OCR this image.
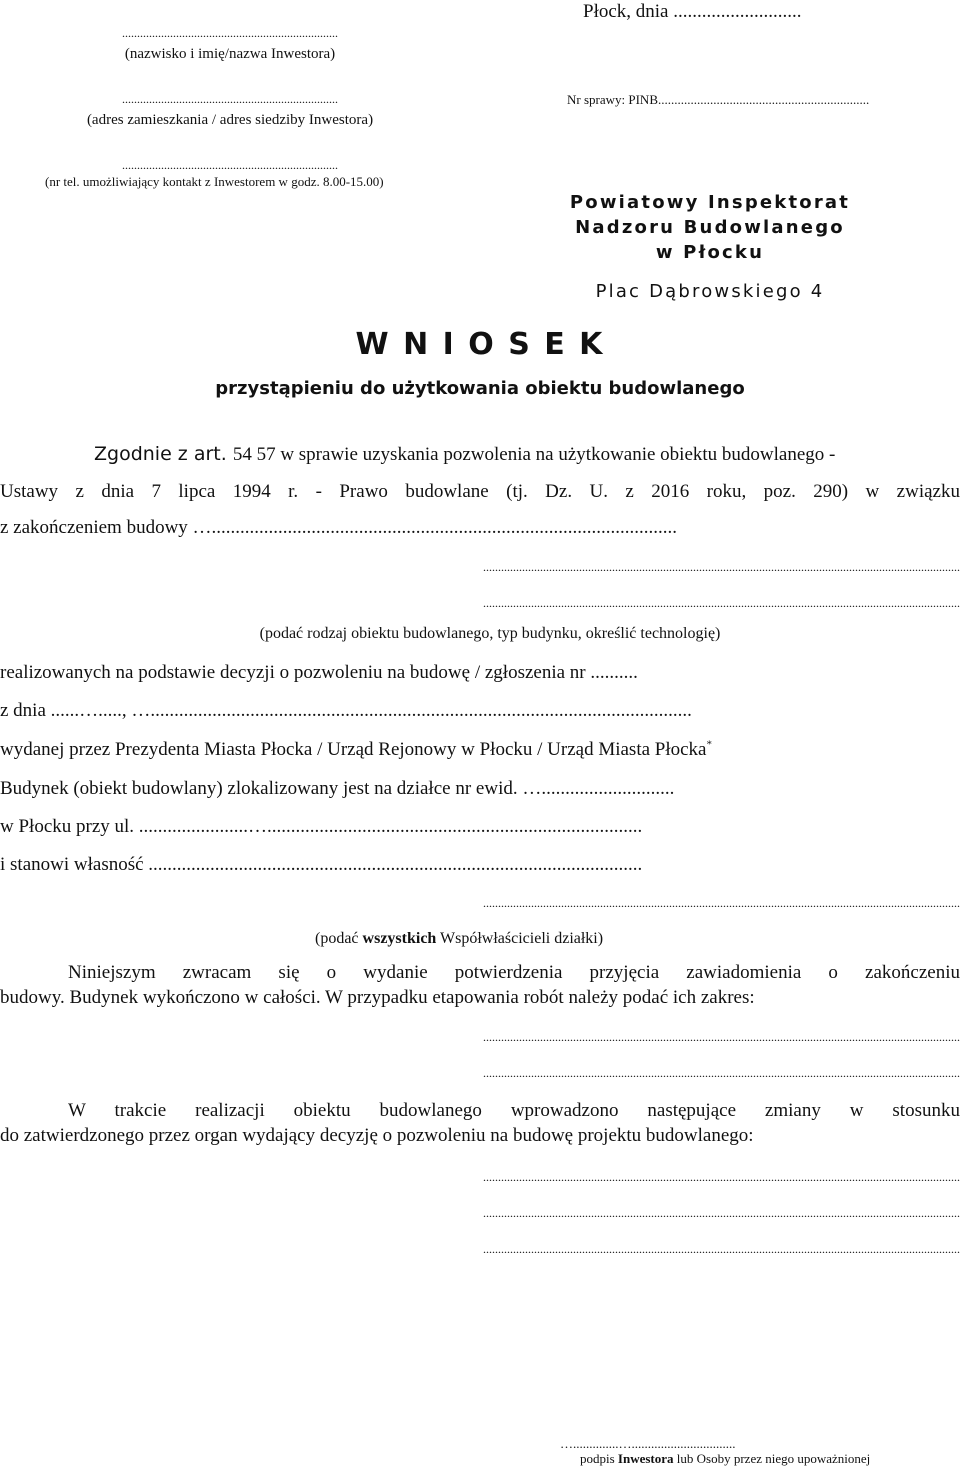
........................................................................
(nazwisko i imię/nazwa Inwestora)
........................................................................
(adres zamieszkania / adres siedziby Inwestora)
........................................................................
(nr tel. umożliwiający kontakt z Inwestorem w godz. 8.00-15.00)
Płock, dnia ...........................
Nr sprawy: PINB.................................................................
Powiatowy Inspektorat
Nadzoru Budowlanego
w Płocku
Plac Dąbrowskiego 4
W N I O S E K
przystąpieniu do użytkowania obiektu budowlanego
Zgodnie z art. 54 57 w sprawie uzyskania pozwolenia na użytkowanie obiektu budowlanego -
Ustawy z dnia 7 lipca 1994 r. - Prawo budowlane (tj. Dz. U. z 2016 roku, poz. 290) w związku
z zakończeniem budowy …..................................................................................................
...............................................................................................................................................................
...............................................................................................................................................................
(podać rodzaj obiektu budowlanego, typ budynku, określić technologię)
realizowanych na podstawie decyzji o pozwoleniu na budowę / zgłoszenia nr ..........
z dnia ......…....., …..................................................................................................................
wydanej przez Prezydenta Miasta Płocka / Urząd Rejonowy w Płocku / Urząd Miasta Płocka*
Budynek (obiekt budowlany) zlokalizowany jest na działce nr ewid. …............................
w Płocku przy ul. .......................…...............................................................................
i stanowi własność ........................................................................................................
...............................................................................................................................................................
(podać wszystkich Współwłaścicieli działki)
Niniejszym zwracam się o wydanie potwierdzenia przyjęcia zawiadomienia o zakończeniu
budowy. Budynek wykończono w całości. W przypadku etapowania robót należy podać ich zakres:
...............................................................................................................................................................
...............................................................................................................................................................
W trakcie realizacji obiektu budowlanego wprowadzono następujące zmiany w stosunku
do zatwierdzonego przez organ wydający decyzję o pozwoleniu na budowę projektu budowlanego:
...............................................................................................................................................................
...............................................................................................................................................................
...............................................................................................................................................................
…..............…................................
podpis Inwestora lub Osoby przez niego upoważnionej
